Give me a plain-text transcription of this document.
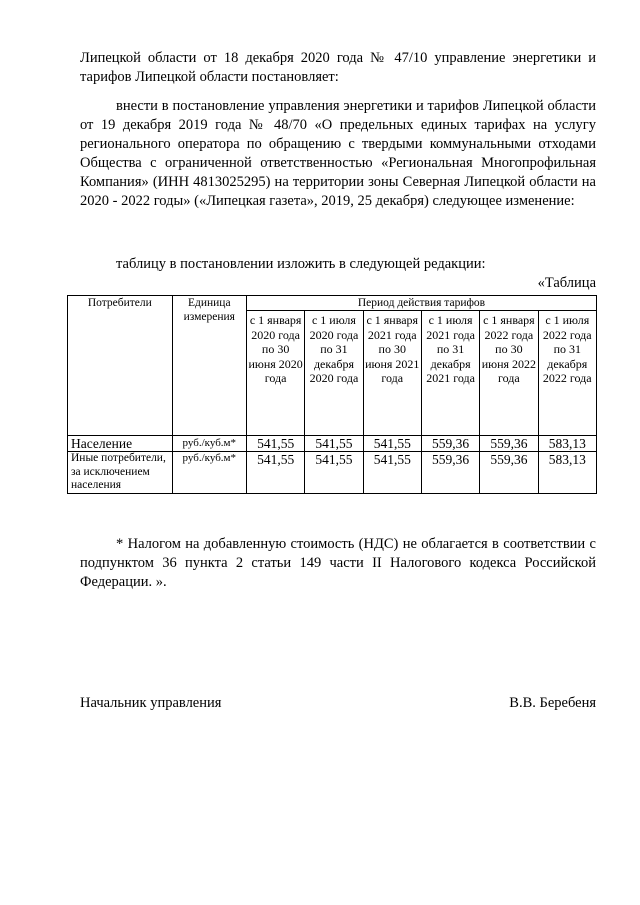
Липецкой области от 18 декабря 2020 года № 47/10 управление энергетики и тарифов Липецкой области постановляет:

внести в постановление управления энергетики и тарифов Липецкой области от 19 декабря 2019 года № 48/70 «О предельных единых тарифах на услугу регионального оператора по обращению с твердыми коммунальными отходами Общества с ограниченной ответственностью «Региональная Многопрофильная Компания» (ИНН 4813025295) на территории зоны Северная Липецкой области на 2020 - 2022 годы» («Липецкая газета», 2019, 25 декабря) следующее изменение:

таблицу в постановлении изложить в следующей редакции:

«Таблица
Потребители	Единица измерения	Период действия тарифов					
		с 1 января 2020 года по 30 июня 2020 года	с 1 июля 2020 года по 31 декабря 2020 года	с 1 января 2021 года по 30 июня 2021 года	с 1 июля 2021 года по 31 декабря 2021 года	с 1 января 2022 года по 30 июня 2022 года	с 1 июля 2022 года по 31 декабря 2022 года
Население	руб./куб.м*	541,55	541,55	541,55	559,36	559,36	583,13
Иные потребители, за исключением населения	руб./куб.м*	541,55	541,55	541,55	559,36	559,36	583,13

* Налогом на добавленную стоимость (НДС) не облагается в соответствии с подпунктом 36 пункта 2 статьи 149 части II Налогового кодекса Российской Федерации. ».

Начальник управления	В.В. Беребеня
